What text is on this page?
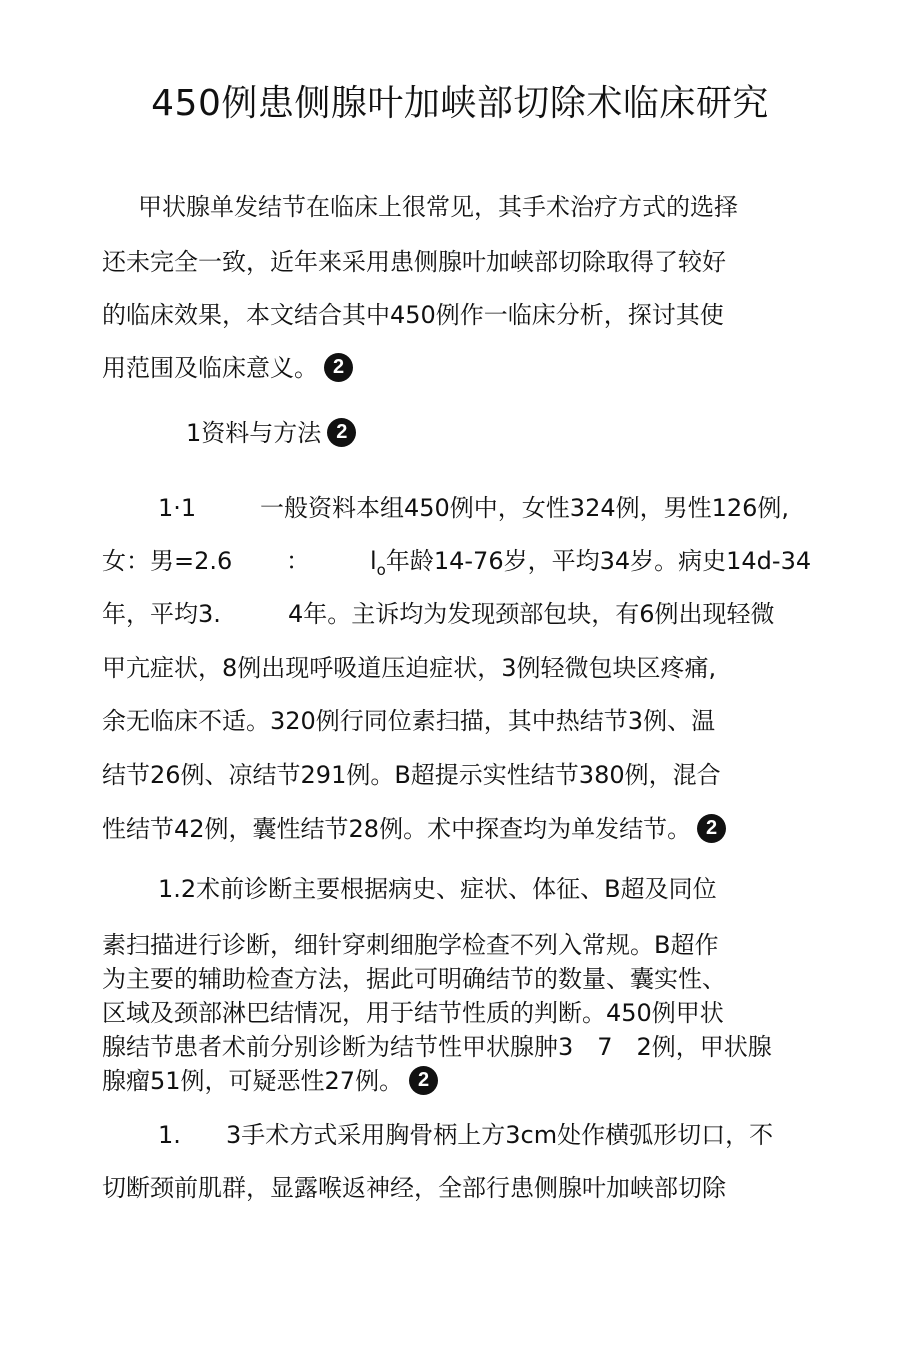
450例患侧腺叶加峡部切除术临床研究
甲状腺单发结节在临床上很常见，其手术治疗方式的选择
还未完全一致，近年来采用患侧腺叶加峡部切除取得了较好
的临床效果，本文结合其中450例作一临床分析，探讨其使
用范围及临床意义。 2
1资料与方法 2
1·1	一般资料本组450例中，女性324例，男性126例,
女：男=2.6 ：	$l_o$年龄14-76岁，平均34岁。病史14d-34
年，平均3.	4年。主诉均为发现颈部包块，有6例出现轻微
甲亢症状，8例出现呼吸道压迫症状，3例轻微包块区疼痛,
余无临床不适。320例行同位素扫描，其中热结节3例、温
结节26例、凉结节291例。B超提示实性结节380例，混合
性结节42例，囊性结节28例。术中探查均为单发结节。 2
1.2术前诊断主要根据病史、症状、体征、B超及同位
素扫描进行诊断，细针穿刺细胞学检查不列入常规。B超作
为主要的辅助检查方法，据此可明确结节的数量、囊实性、
区域及颈部淋巴结情况，用于结节性质的判断。450例甲状
腺结节患者术前分别诊断为结节性甲状腺肿3　7　2例，甲状腺
腺瘤51例，可疑恶性27例。 2
1. 3手术方式采用胸骨柄上方3cm处作横弧形切口，不
切断颈前肌群，显露喉返神经，全部行患侧腺叶加峡部切除
